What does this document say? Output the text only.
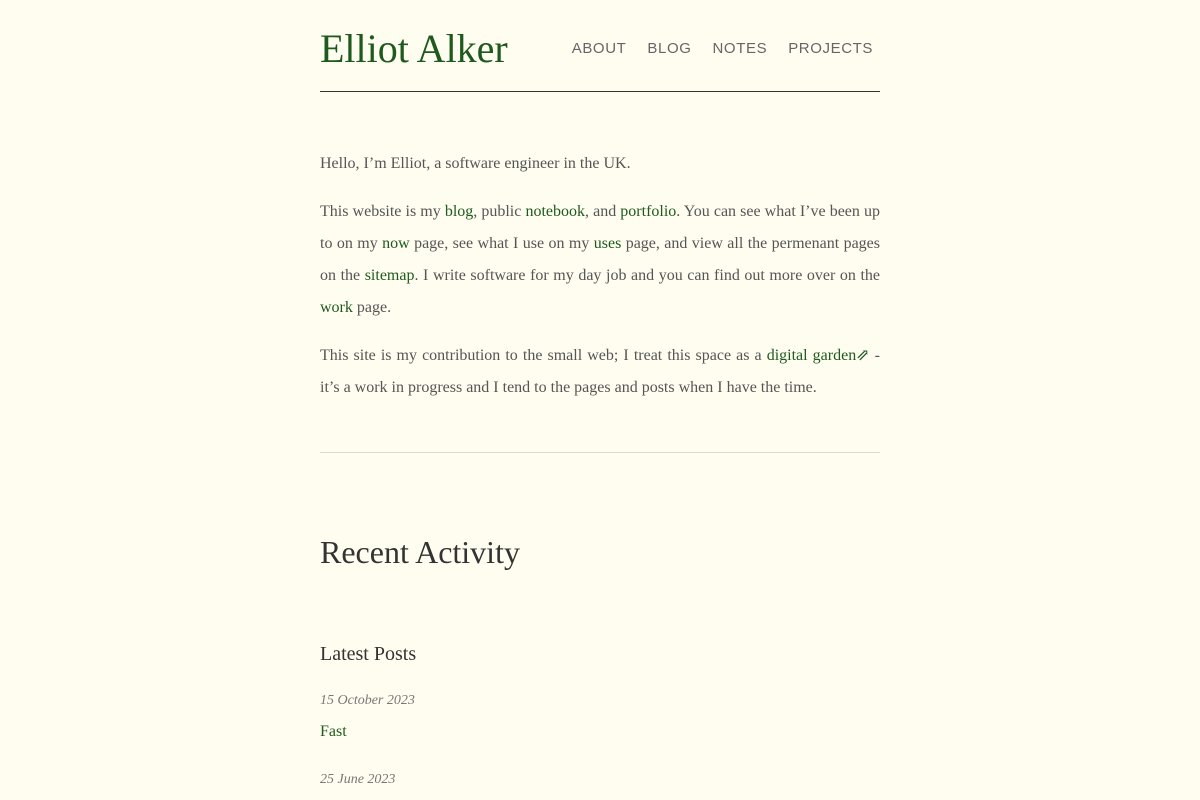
Elliot Alker	ABOUT BLOG NOTES PROJECTS

Hello, I’m Elliot, a software engineer in the UK.

This website is my blog, public notebook, and portfolio. You can see what I’ve been up to on my now page, see what I use on my uses page, and view all the permenant pages on the sitemap. I write software for my day job and you can find out more over on the work page.

This site is my contribution to the small web; I treat this space as a digital garden⇗ - it’s a work in progress and I tend to the pages and posts when I have the time.

Recent Activity
Latest Posts
15 October 2023
Fast
25 June 2023
